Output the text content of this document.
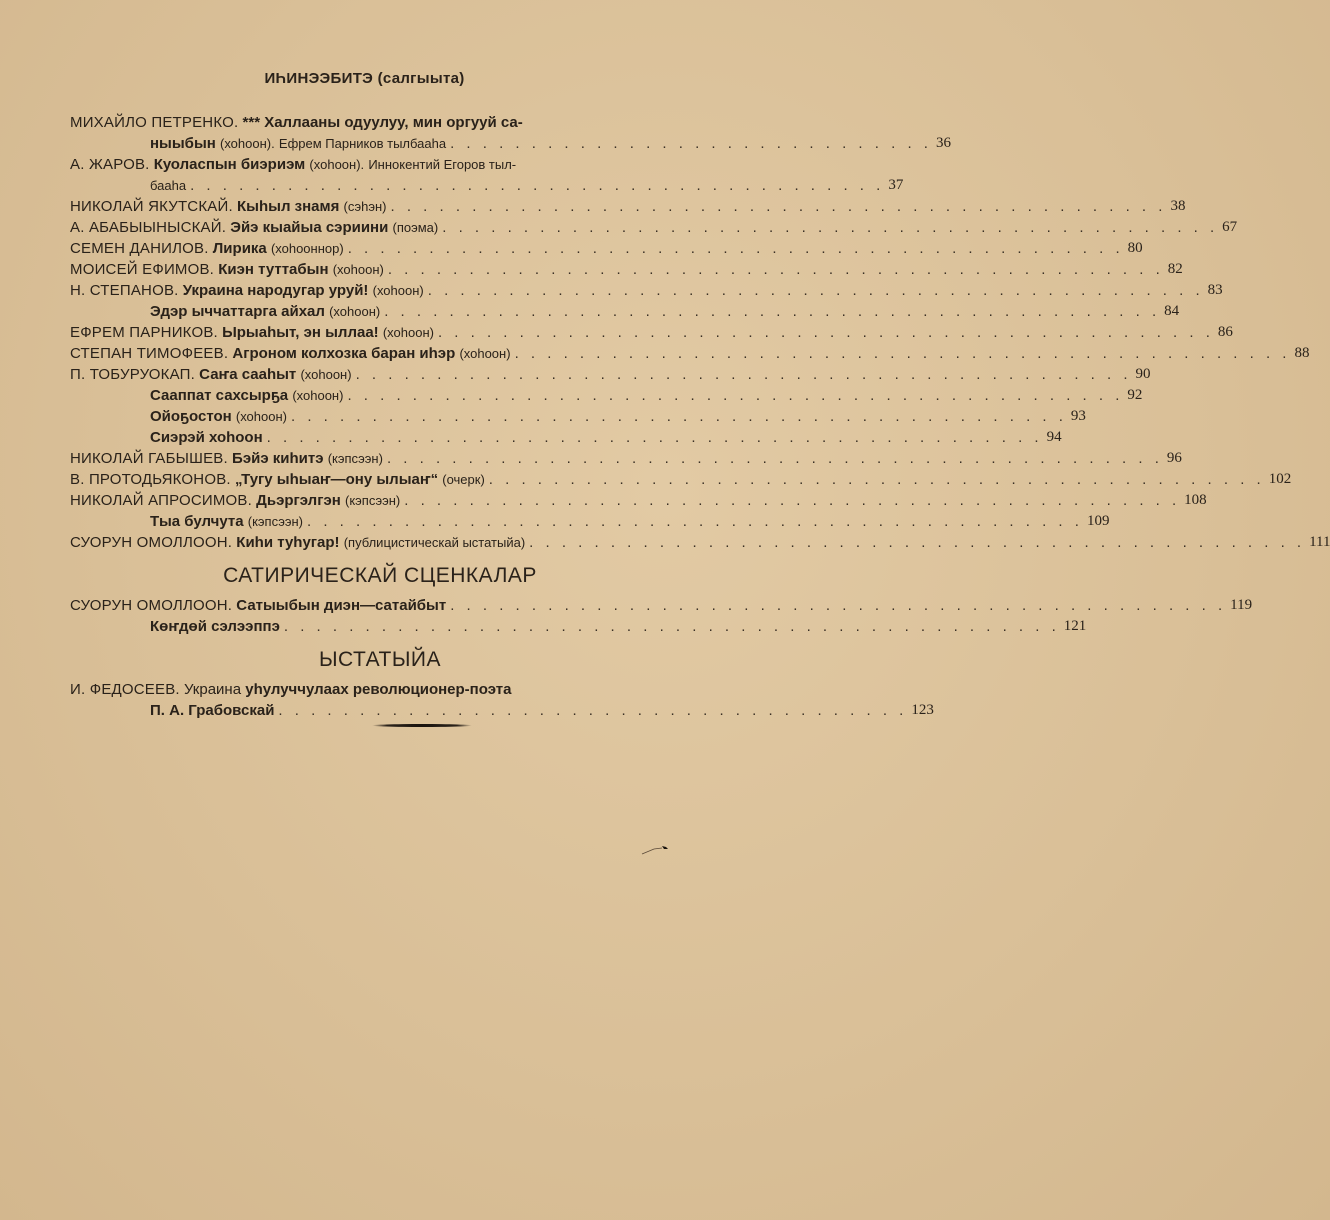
ИҺИНЭЭБИТЭ (салгыыта)
МИХАЙЛО ПЕТРЕНКО. *** Халлааны одуулуу, мин оргууй са-
ныыбын (хоһоон). Ефрем Парников тылбааһа . . . . . . . . . . . . . . . . . . . . . . . . . . . . . . 36
А. ЖАРОВ. Куоласпын биэриэм (хоһоон). Иннокентий Егоров тыл-
бааһа . . . . . . . . . . . . . . . . . . . . . . . . . . . . . . . . . . . . . . . . . . . 37
НИКОЛАЙ ЯКУТСКАЙ. Кыһыл знамя (сэһэн) . . . . . . . . . . . . . . . . . . . . . . . . . . . . . . . . . . . . . . . . . . . . . . . . 38
А. АБАБЫЫНЫСКАЙ. Эйэ кыайыа сэриини (поэма) . . . . . . . . . . . . . . . . . . . . . . . . . . . . . . . . . . . . . . . . . . . . . . . . 67
СЕМЕН ДАНИЛОВ. Лирика (хоһооннор) . . . . . . . . . . . . . . . . . . . . . . . . . . . . . . . . . . . . . . . . . . . . . . . . 80
МОИСЕЙ ЕФИМОВ. Киэн туттабын (хоһоон) . . . . . . . . . . . . . . . . . . . . . . . . . . . . . . . . . . . . . . . . . . . . . . . . 82
Н. СТЕПАНОВ. Украина народугар уруй! (хоһоон) . . . . . . . . . . . . . . . . . . . . . . . . . . . . . . . . . . . . . . . . . . . . . . . . 83
Эдэр ыччаттарга айхал (хоһоон) . . . . . . . . . . . . . . . . . . . . . . . . . . . . . . . . . . . . . . . . . . . . . . . . 84
ЕФРЕМ ПАРНИКОВ. Ырыаһыт, эн ыллаа! (хоһоон) . . . . . . . . . . . . . . . . . . . . . . . . . . . . . . . . . . . . . . . . . . . . . . . . 86
СТЕПАН ТИМОФЕЕВ. Агроном колхозка баран иһэр (хоһоон) . . . . . . . . . . . . . . . . . . . . . . . . . . . . . . . . . . . . . . . . . . . . . . . . 88
П. ТОБУРУОКАП. Саҥа сааһыт (хоһоон) . . . . . . . . . . . . . . . . . . . . . . . . . . . . . . . . . . . . . . . . . . . . . . . . 90
Сааппат сахсырҕа (хоһоон) . . . . . . . . . . . . . . . . . . . . . . . . . . . . . . . . . . . . . . . . . . . . . . . . 92
Ойоҕостон (хоһоон) . . . . . . . . . . . . . . . . . . . . . . . . . . . . . . . . . . . . . . . . . . . . . . . . 93
Сиэрэй хоһоон . . . . . . . . . . . . . . . . . . . . . . . . . . . . . . . . . . . . . . . . . . . . . . . . 94
НИКОЛАЙ ГАБЫШЕВ. Бэйэ киһитэ (кэпсээн) . . . . . . . . . . . . . . . . . . . . . . . . . . . . . . . . . . . . . . . . . . . . . . . . 96
В. ПРОТОДЬЯКОНОВ. „Тугу ыһыаҥ—ону ылыаҥ“ (очерк) . . . . . . . . . . . . . . . . . . . . . . . . . . . . . . . . . . . . . . . . . . . . . . . . 102
НИКОЛАЙ АПРОСИМОВ. Дьэргэлгэн (кэпсээн) . . . . . . . . . . . . . . . . . . . . . . . . . . . . . . . . . . . . . . . . . . . . . . . . 108
Тыа булчута (кэпсээн) . . . . . . . . . . . . . . . . . . . . . . . . . . . . . . . . . . . . . . . . . . . . . . . . 109
СУОРУН ОМОЛЛООН. Киһи туһугар! (публицистическай ыстатыйа) . . . . . . . . . . . . . . . . . . . . . . . . . . . . . . . . . . . . . . . . . . . . . . . . 111
САТИРИЧЕСКАЙ СЦЕНКАЛАР
СУОРУН ОМОЛЛООН. Сатыыбын диэн—сатайбыт . . . . . . . . . . . . . . . . . . . . . . . . . . . . . . . . . . . . . . . . . . . . . . . . 119
Көҥдөй сэлээппэ . . . . . . . . . . . . . . . . . . . . . . . . . . . . . . . . . . . . . . . . . . . . . . . . 121
ЫСТАТЫЙА
И. ФЕДОСЕЕВ. Украина уһулуччулаах революционер-поэта
П. А. Грабовскай . . . . . . . . . . . . . . . . . . . . . . . . . . . . . . . . . . . . . . . 123
